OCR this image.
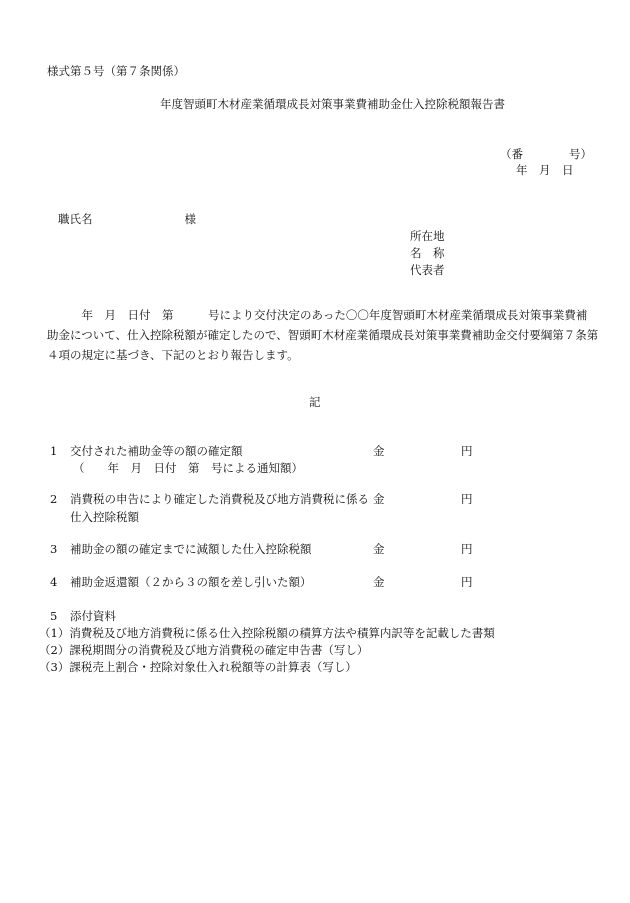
様式第５号（第７条関係）
年度智頭町木材産業循環成長対策事業費補助金仕入控除税額報告書
（番　　　　号）
年　月　日
職氏名　　　　　　　　様
所在地
名　称
代表者
　　　年　月　日付　第　　　号により交付決定のあった〇〇年度智頭町木材産業循環成長対策事業費補
助金について、仕入控除税額が確定したので、智頭町木材産業循環成長対策事業費補助金交付要綱第７条第
４項の規定に基づき、下記のとおり報告します。
記
1 交付された補助金等の額の確定額
（　　年　月　日付　第　号による通知額）
金	円
2 消費税の申告により確定した消費税及び地方消費税に係る
仕入控除税額
金	円
3 補助金の額の確定までに減額した仕入控除税額	金	円
4 補助金返還額（２から３の額を差し引いた額）	金	円
5 添付資料
（1）消費税及び地方消費税に係る仕入控除税額の積算方法や積算内訳等を記載した書類
（2）課税期間分の消費税及び地方消費税の確定申告書（写し）
（3）課税売上割合・控除対象仕入れ税額等の計算表（写し）
